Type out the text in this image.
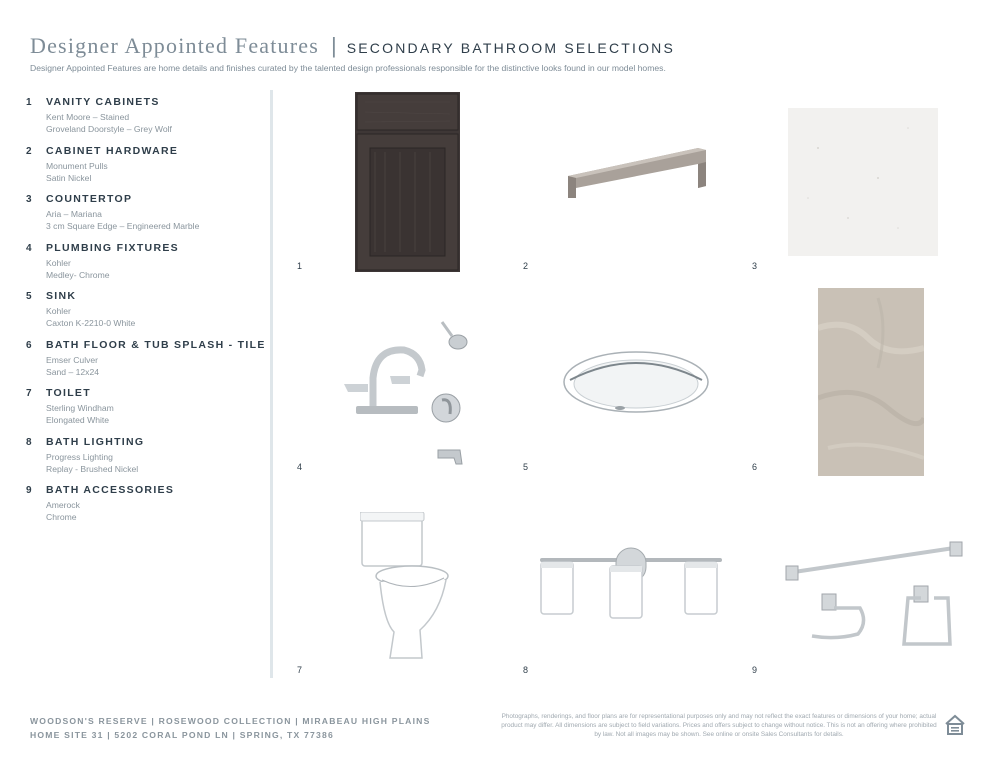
Designer Appointed Features | SECONDARY BATHROOM SELECTIONS
Designer Appointed Features are home details and finishes curated by the talented design professionals responsible for the distinctive looks found in our model homes.
1	VANITY CABINETS
Kent Moore – Stained
Groveland Doorstyle – Grey Wolf
2	CABINET HARDWARE
Monument Pulls
Satin Nickel
3	COUNTERTOP
Aria – Mariana
3 cm Square Edge – Engineered Marble
4	PLUMBING FIXTURES
Kohler
Medley- Chrome
5	SINK
Kohler
Caxton K-2210-0 White
6	BATH FLOOR & TUB SPLASH - TILE
Emser Culver
Sand – 12x24
7	TOILET
Sterling Windham
Elongated White
8	BATH LIGHTING
Progress Lighting
Replay - Brushed Nickel
9	BATH ACCESSORIES
Amerock
Chrome
1	2	3
4	5	6
7	8	9
WOODSON'S RESERVE | ROSEWOOD COLLECTION | MIRABEAU HIGH PLAINS
HOME SITE 31 | 5202 CORAL POND LN | SPRING, TX 77386
Photographs, renderings, and floor plans are for representational purposes only and may not reflect the exact features or dimensions of your home; actual product may differ. All dimensions are subject to field variations. Prices and offers subject to change without notice. This is not an offering where prohibited by law. Not all images may be shown. See online or onsite Sales Consultants for details.
